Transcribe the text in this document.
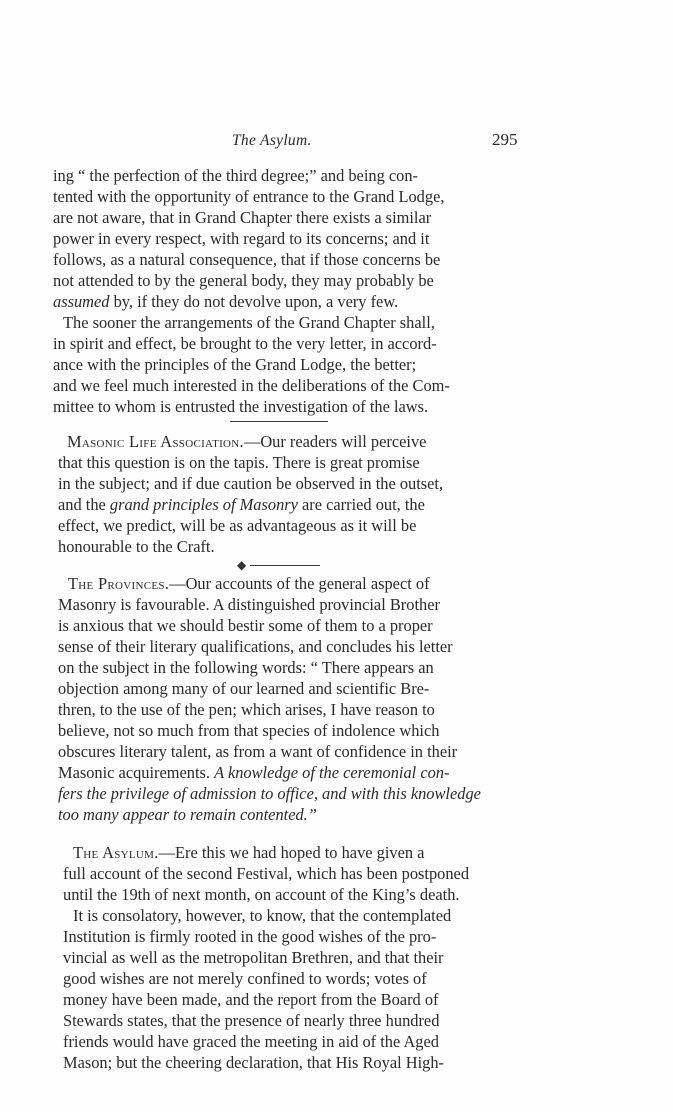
The Asylum.	295

ing “ the perfection of the third degree;” and being con-

tented with the opportunity of entrance to the Grand Lodge,

are not aware, that in Grand Chapter there exists a similar

power in every respect, with regard to its concerns; and it

follows, as a natural consequence, that if those concerns be

not attended to by the general body, they may probably be

assumed by, if they do not devolve upon, a very few.

The sooner the arrangements of the Grand Chapter shall,

in spirit and effect, be brought to the very letter, in accord-

ance with the principles of the Grand Lodge, the better;

and we feel much interested in the deliberations of the Com-

mittee to whom is entrusted the investigation of the laws.

Masonic Life Association.—Our readers will perceive

that this question is on the tapis. There is great promise

in the subject; and if due caution be observed in the outset,

and the grand principles of Masonry are carried out, the

effect, we predict, will be as advantageous as it will be

honourable to the Craft.

◆

The Provinces.—Our accounts of the general aspect of

Masonry is favourable. A distinguished provincial Brother

is anxious that we should bestir some of them to a proper

sense of their literary qualifications, and concludes his letter

on the subject in the following words: “ There appears an

objection among many of our learned and scientific Bre-

thren, to the use of the pen; which arises, I have reason to

believe, not so much from that species of indolence which

obscures literary talent, as from a want of confidence in their

Masonic acquirements. A knowledge of the ceremonial con-

fers the privilege of admission to office, and with this knowledge

too many appear to remain contented.”

The Asylum.—Ere this we had hoped to have given a

full account of the second Festival, which has been postponed

until the 19th of next month, on account of the King’s death.

It is consolatory, however, to know, that the contemplated

Institution is firmly rooted in the good wishes of the pro-

vincial as well as the metropolitan Brethren, and that their

good wishes are not merely confined to words; votes of

money have been made, and the report from the Board of

Stewards states, that the presence of nearly three hundred

friends would have graced the meeting in aid of the Aged

Mason; but the cheering declaration, that His Royal High-
